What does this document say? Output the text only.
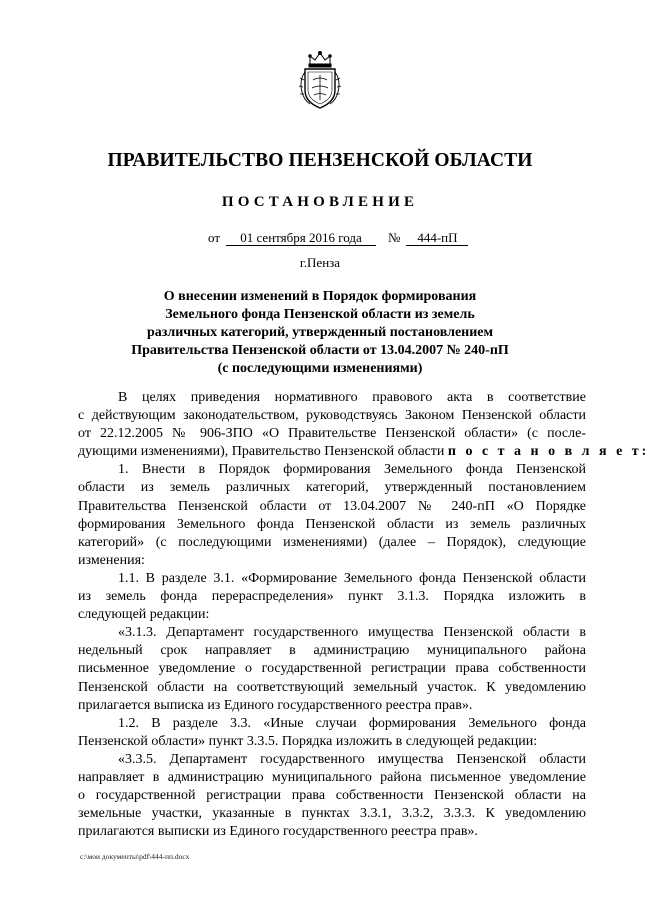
ПРАВИТЕЛЬСТВО ПЕНЗЕНСКОЙ ОБЛАСТИ
ПОСТАНОВЛЕНИЕ
от 01 сентября 2016 года № 444-пП
г.Пенза
О внесении изменений в Порядок формирования
Земельного фонда Пензенской области из земель
различных категорий, утвержденный постановлением
Правительства Пензенской области от 13.04.2007 № 240-пП
(с последующими изменениями)
В целях приведения нормативного правового акта в соответствие
с действующим законодательством, руководствуясь Законом Пензенской области
от 22.12.2005 № 906-ЗПО «О Правительстве Пензенской области» (с после-
дующими изменениями), Правительство Пензенской области п о с т а н о в л я е т:
1. Внести в Порядок формирования Земельного фонда Пензенской
области из земель различных категорий, утвержденный постановлением
Правительства Пензенской области от 13.04.2007 № 240-пП «О Порядке
формирования Земельного фонда Пензенской области из земель различных
категорий» (с последующими изменениями) (далее – Порядок), следующие
изменения:
1.1. В разделе 3.1. «Формирование Земельного фонда Пензенской области
из земель фонда перераспределения» пункт 3.1.3. Порядка изложить в
следующей редакции:
«3.1.3. Департамент государственного имущества Пензенской области в
недельный срок направляет в администрацию муниципального района
письменное уведомление о государственной регистрации права собственности
Пензенской области на соответствующий земельный участок. К уведомлению
прилагается выписка из Единого государственного реестра прав».
1.2. В разделе 3.3. «Иные случаи формирования Земельного фонда
Пензенской области» пункт 3.3.5. Порядка изложить в следующей редакции:
«3.3.5. Департамент государственного имущества Пензенской области
направляет в администрацию муниципального района письменное уведомление
о государственной регистрации права собственности Пензенской области на
земельные участки, указанные в пунктах 3.3.1, 3.3.2, 3.3.3. К уведомлению
прилагаются выписки из Единого государственного реестра прав».
c:\мои документы\pdf\444-пп.docx
